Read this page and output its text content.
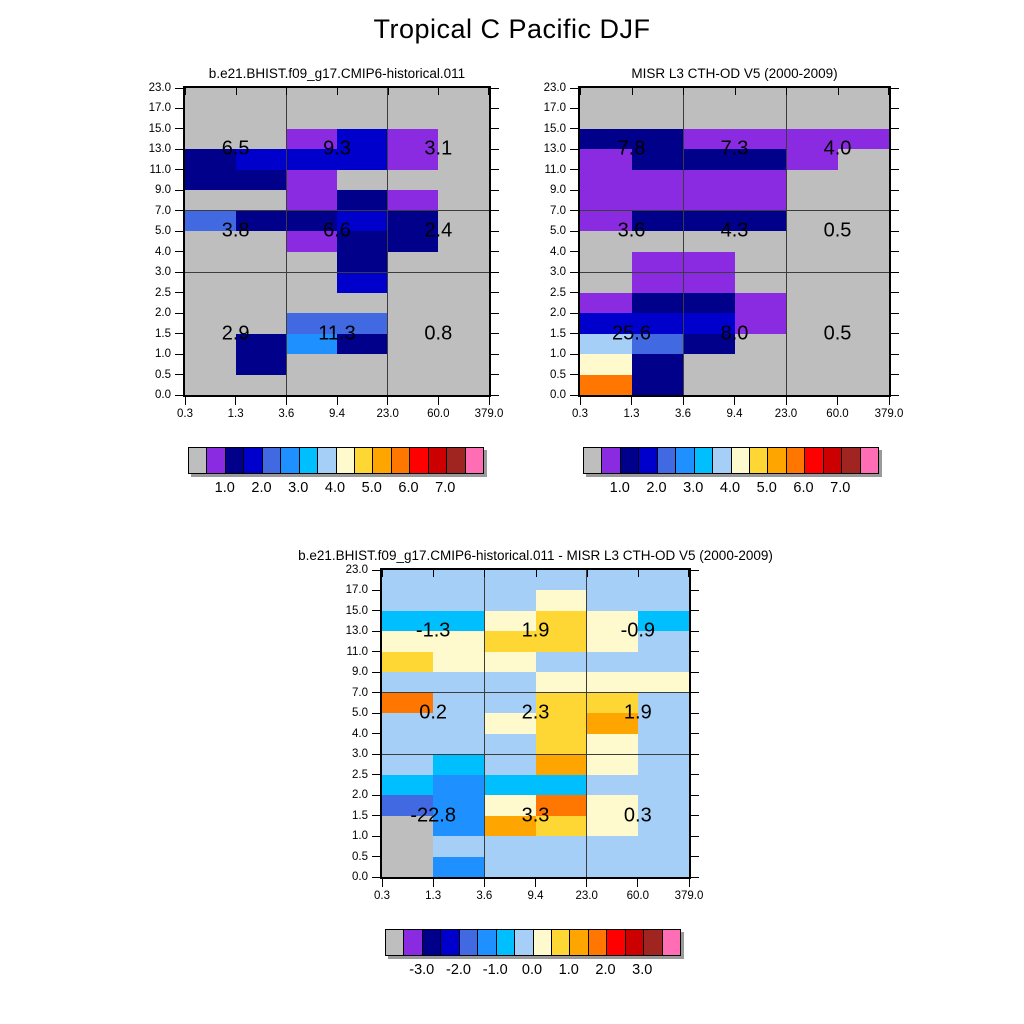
Tropical C Pacific DJF
b.e21.BHIST.f09_g17.CMIP6-historical.011
23.0
17.0
15.0
13.0
11.0
9.0
7.0
5.0
4.0
3.0
2.5
2.0
1.5
1.0
0.5
0.0
0.3	1.3	3.6	9.4	23.0 60.0 379.0
6.5	9.3	3.1
3.8	6.6	2.4
2.9	11.3	0.8
1.0 2.0 3.0 4.0 5.0 6.0 7.0
MISR L3 CTH-OD V5 (2000-2009)
23.0
17.0
15.0
13.0
11.0
9.0
7.0
5.0
4.0
3.0
2.5
2.0
1.5
1.0
0.5
0.0
0.3	1.3	3.6	9.4	23.0	60.0 379.0
7.8	7.3	4.0
3.6	4.3	0.5
25.6	8.0	0.5
1.0 2.0 3.0 4.0 5.0 6.0 7.0
b.e21.BHIST.f09_g17.CMIP6-historical.011 - MISR L3 CTH-OD V5 (2000-2009)
23.0
17.0
15.0
13.0
11.0
9.0
7.0
5.0
4.0
3.0
2.5
2.0
1.5
1.0
0.5
0.0
0.3	1.3	3.6	9.4	23.0	60.0 379.0
-1.3	1.9	-0.9
0.2	2.3	1.9
-22.8	3.3	0.3
-3.0 -2.0 -1.0 0.0 1.0 2.0 3.0
